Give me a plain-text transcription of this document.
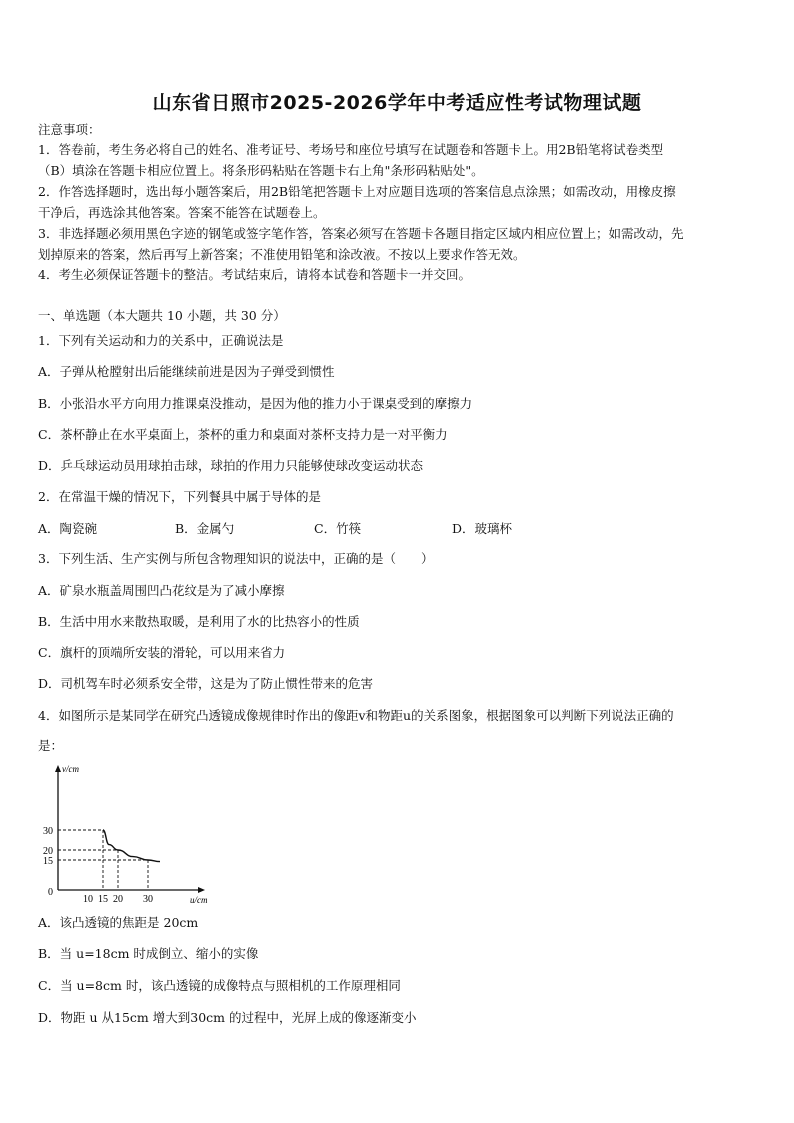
山东省日照市2025-2026学年中考适应性考试物理试题
注意事项：
1．答卷前，考生务必将自己的姓名、准考证号、考场号和座位号填写在试题卷和答题卡上。用2B铅笔将试卷类型
（B）填涂在答题卡相应位置上。将条形码粘贴在答题卡右上角"条形码粘贴处"。
2．作答选择题时，选出每小题答案后，用2B铅笔把答题卡上对应题目选项的答案信息点涂黑；如需改动，用橡皮擦
干净后，再选涂其他答案。答案不能答在试题卷上。
3．非选择题必须用黑色字迹的钢笔或签字笔作答，答案必须写在答题卡各题目指定区域内相应位置上；如需改动，先
划掉原来的答案，然后再写上新答案；不准使用铅笔和涂改液。不按以上要求作答无效。
4．考生必须保证答题卡的整洁。考试结束后，请将本试卷和答题卡一并交回。
一、单选题（本大题共 10 小题，共 30 分）
1．下列有关运动和力的关系中，正确说法是
A．子弹从枪膛射出后能继续前进是因为子弹受到惯性
B．小张沿水平方向用力推课桌没推动，是因为他的推力小于课桌受到的摩擦力
C．茶杯静止在水平桌面上，茶杯的重力和桌面对茶杯支持力是一对平衡力
D．乒乓球运动员用球拍击球，球拍的作用力只能够使球改变运动状态
2．在常温干燥的情况下，下列餐具中属于导体的是
A．陶瓷碗	B．金属勺	C．竹筷	D．玻璃杯
3．下列生活、生产实例与所包含物理知识的说法中，正确的是（　　）
A．矿泉水瓶盖周围凹凸花纹是为了减小摩擦
B．生活中用水来散热取暖，是利用了水的比热容小的性质
C．旗杆的顶端所安装的滑轮，可以用来省力
D．司机驾车时必须系安全带，这是为了防止惯性带来的危害
4．如图所示是某同学在研究凸透镜成像规律时作出的像距v和物距u的关系图象，根据图象可以判断下列说法正确的
是：
v/cm
u/cm
0
10 15 20 30
15
20
30
A．该凸透镜的焦距是 20cm
B．当 u=18cm 时成倒立、缩小的实像
C．当 u=8cm 时，该凸透镜的成像特点与照相机的工作原理相同
D．物距 u 从15cm 增大到30cm 的过程中，光屏上成的像逐渐变小
